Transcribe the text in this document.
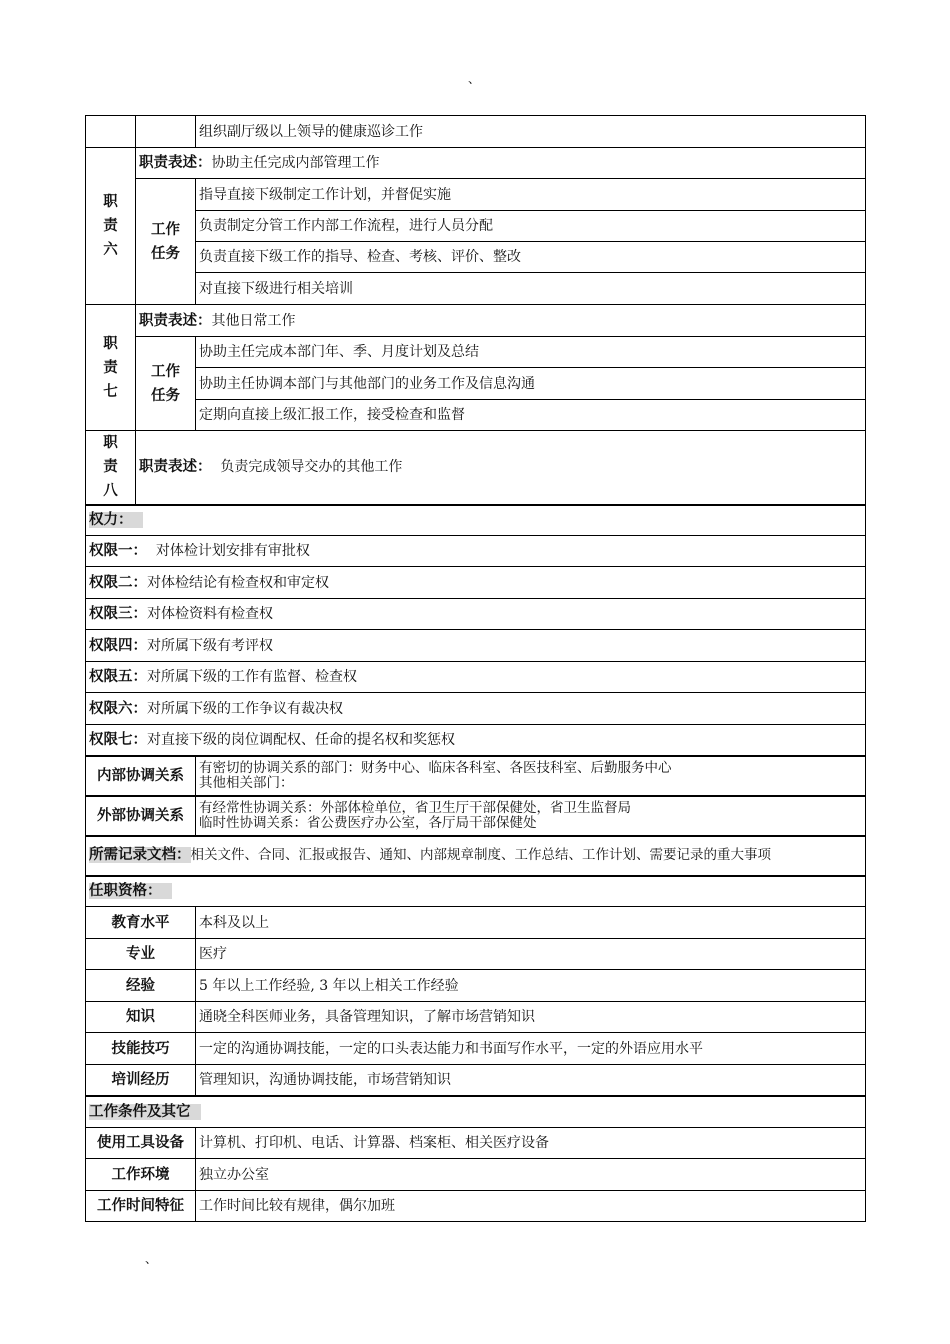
、
		组织副厅级以上领导的健康巡诊工作

职
责
六	职责表述：协助主任完成内部管理工作	

	工作
任务	指导直接下级制定工作计划，并督促实施
		负责制定分管工作内部工作流程，进行人员分配
		负责直接下级工作的指导、检查、考核、评价、整改
		对直接下级进行相关培训

职
责
七	职责表述：其他日常工作	

	工作
任务	协助主任完成本部门年、季、月度计划及总结
		协助主任协调本部门与其他部门的业务工作及信息沟通
		定期向直接上级汇报工作，接受检查和监督

职
责
八	职责表述： 负责完成领导交办的其他工作	
权力：		
权限一： 对体检计划安排有审批权		
权限二：对体检结论有检查权和审定权		
权限三：对体检资料有检查权		
权限四：对所属下级有考评权		
权限五：对所属下级的工作有监督、检查权		
权限六：对所属下级的工作争议有裁决权		
权限七：对直接下级的岗位调配权、任命的提名权和奖惩权		
内部协调关系		有密切的协调关系的部门：财务中心、临床各科室、各医技科室、后勤服务中心
其他相关部门：

外部协调关系		有经常性协调关系：外部体检单位，省卫生厅干部保健处，省卫生监督局
临时性协调关系：省公费医疗办公室，各厅局干部保健处

所需记录文档：相关文件、合同、汇报或报告、通知、内部规章制度、工作总结、工作计划、需要记录的重大事项		
任职资格：		
教育水平		本科及以上
专业		医疗
经验		5 年以上工作经验, 3 年以上相关工作经验
知识		通晓全科医师业务，具备管理知识，了解市场营销知识
技能技巧		一定的沟通协调技能，一定的口头表达能力和书面写作水平，一定的外语应用水平
培训经历		管理知识，沟通协调技能，市场营销知识
工作条件及其它		
使用工具设备		计算机、打印机、电话、计算器、档案柜、相关医疗设备
工作环境		独立办公室
工作时间特征		工作时间比较有规律，偶尔加班
、
